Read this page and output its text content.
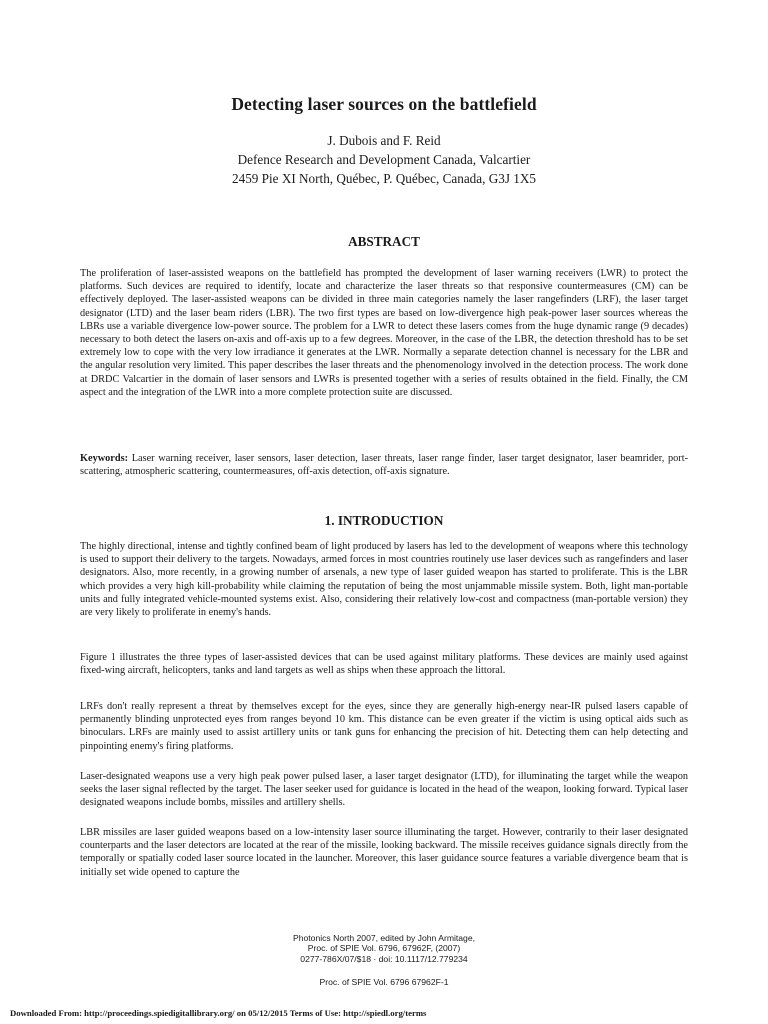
Detecting laser sources on the battlefield
J. Dubois and F. Reid
Defence Research and Development Canada, Valcartier
2459 Pie XI North, Québec, P. Québec, Canada, G3J 1X5
ABSTRACT

The proliferation of laser-assisted weapons on the battlefield has prompted the development of laser warning receivers (LWR) to protect the platforms. Such devices are required to identify, locate and characterize the laser threats so that responsive countermeasures (CM) can be effectively deployed. The laser-assisted weapons can be divided in three main categories namely the laser rangefinders (LRF), the laser target designator (LTD) and the laser beam riders (LBR). The two first types are based on low-divergence high peak-power laser sources whereas the LBRs use a variable divergence low-power source. The problem for a LWR to detect these lasers comes from the huge dynamic range (9 decades) necessary to both detect the lasers on-axis and off-axis up to a few degrees. Moreover, in the case of the LBR, the detection threshold has to be set extremely low to cope with the very low irradiance it generates at the LWR. Normally a separate detection channel is necessary for the LBR and the angular resolution very limited. This paper describes the laser threats and the phenomenology involved in the detection process. The work done at DRDC Valcartier in the domain of laser sensors and LWRs is presented together with a series of results obtained in the field. Finally, the CM aspect and the integration of the LWR into a more complete protection suite are discussed.

Keywords: Laser warning receiver, laser sensors, laser detection, laser threats, laser range finder, laser target designator, laser beamrider, port-scattering, atmospheric scattering, countermeasures, off-axis detection, off-axis signature.

1. INTRODUCTION

The highly directional, intense and tightly confined beam of light produced by lasers has led to the development of weapons where this technology is used to support their delivery to the targets. Nowadays, armed forces in most countries routinely use laser devices such as rangefinders and laser designators. Also, more recently, in a growing number of arsenals, a new type of laser guided weapon has started to proliferate. This is the LBR which provides a very high kill-probability while claiming the reputation of being the most unjammable missile system. Both, light man-portable units and fully integrated vehicle-mounted systems exist. Also, considering their relatively low-cost and compactness (man-portable version) they are very likely to proliferate in enemy's hands.

Figure 1 illustrates the three types of laser-assisted devices that can be used against military platforms. These devices are mainly used against fixed-wing aircraft, helicopters, tanks and land targets as well as ships when these approach the littoral.

LRFs don't really represent a threat by themselves except for the eyes, since they are generally high-energy near-IR pulsed lasers capable of permanently blinding unprotected eyes from ranges beyond 10 km. This distance can be even greater if the victim is using optical aids such as binoculars. LRFs are mainly used to assist artillery units or tank guns for enhancing the precision of hit. Detecting them can help detecting and pinpointing enemy's firing platforms.

Laser-designated weapons use a very high peak power pulsed laser, a laser target designator (LTD), for illuminating the target while the weapon seeks the laser signal reflected by the target. The laser seeker used for guidance is located in the head of the weapon, looking forward. Typical laser designated weapons include bombs, missiles and artillery shells.

LBR missiles are laser guided weapons based on a low-intensity laser source illuminating the target. However, contrarily to their laser designated counterparts and the laser detectors are located at the rear of the missile, looking backward. The missile receives guidance signals directly from the temporally or spatially coded laser source located in the launcher. Moreover, this laser guidance source features a variable divergence beam that is initially set wide opened to capture the

Photonics North 2007, edited by John Armitage,
Proc. of SPIE Vol. 6796, 67962F, (2007)
0277-786X/07/$18 · doi: 10.1117/12.779234
Proc. of SPIE Vol. 6796 67962F-1
Downloaded From: http://proceedings.spiedigitallibrary.org/ on 05/12/2015 Terms of Use: http://spiedl.org/terms
